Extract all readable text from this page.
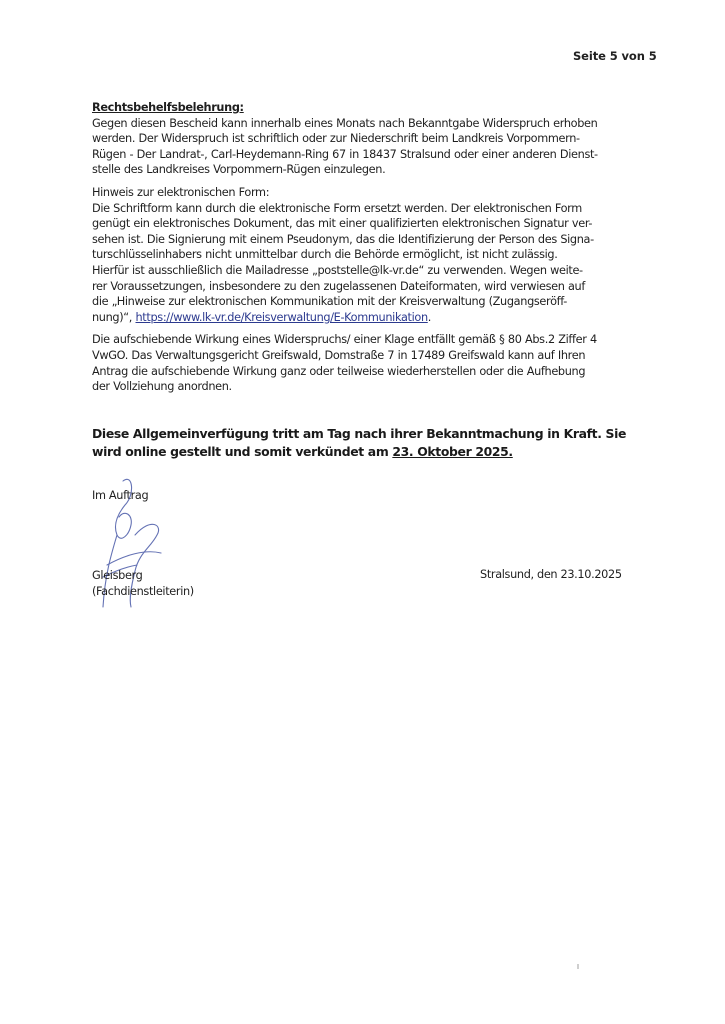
Seite 5 von 5

Rechtsbehelfsbelehrung:
Gegen diesen Bescheid kann innerhalb eines Monats nach Bekanntgabe Widerspruch erhoben
werden. Der Widerspruch ist schriftlich oder zur Niederschrift beim Landkreis Vorpommern-
Rügen - Der Landrat-, Carl-Heydemann-Ring 67 in 18437 Stralsund oder einer anderen Dienst-
stelle des Landkreises Vorpommern-Rügen einzulegen.

Hinweis zur elektronischen Form:
Die Schriftform kann durch die elektronische Form ersetzt werden. Der elektronischen Form
genügt ein elektronisches Dokument, das mit einer qualifizierten elektronischen Signatur ver-
sehen ist. Die Signierung mit einem Pseudonym, das die Identifizierung der Person des Signa-
turschlüsselinhabers nicht unmittelbar durch die Behörde ermöglicht, ist nicht zulässig.
Hierfür ist ausschließlich die Mailadresse „poststelle@lk-vr.de“ zu verwenden. Wegen weite-
rer Voraussetzungen, insbesondere zu den zugelassenen Dateiformaten, wird verwiesen auf
die „Hinweise zur elektronischen Kommunikation mit der Kreisverwaltung (Zugangseröff-
nung)“, https://www.lk-vr.de/Kreisverwaltung/E-Kommunikation.

Die aufschiebende Wirkung eines Widerspruchs/ einer Klage entfällt gemäß § 80 Abs.2 Ziffer 4
VwGO. Das Verwaltungsgericht Greifswald, Domstraße 7 in 17489 Greifswald kann auf Ihren
Antrag die aufschiebende Wirkung ganz oder teilweise wiederherstellen oder die Aufhebung
der Vollziehung anordnen.

Diese Allgemeinverfügung tritt am Tag nach ihrer Bekanntmachung in Kraft. Sie
wird online gestellt und somit verkündet am 23. Oktober 2025.
Im Auftrag
Gleisberg
(Fachdienstleiterin)
Stralsund, den 23.10.2025
